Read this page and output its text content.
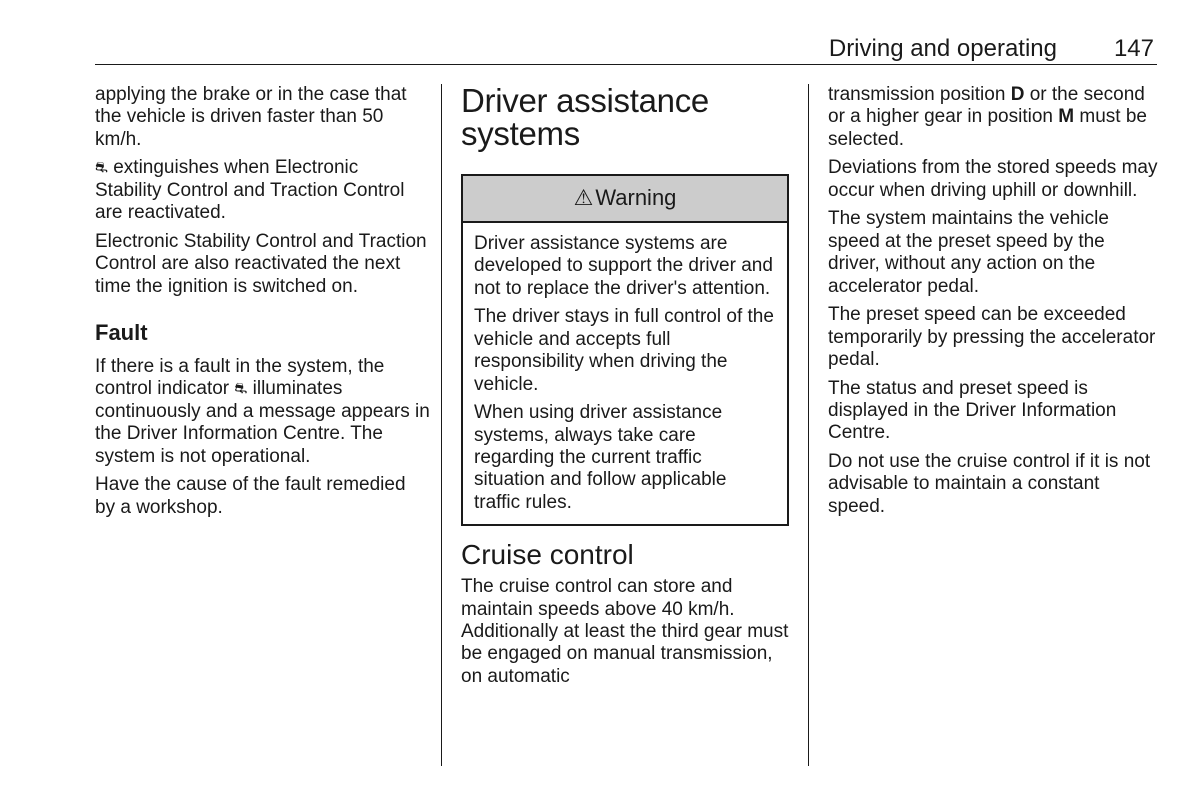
Driving and operating 147

applying the brake or in the case that the vehicle is driven faster than 50 km/h.

⛐ extinguishes when Electronic Stability Control and Traction Control are reactivated.

Electronic Stability Control and Traction Control are also reactivated the next time the ignition is switched on.

Fault

If there is a fault in the system, the control indicator ⛐ illuminates continuously and a message appears in the Driver Information Centre. The system is not operational.

Have the cause of the fault remedied by a workshop.

Driver assistance
systems
⚠ Warning

Driver assistance systems are developed to support the driver and not to replace the driver's attention.

The driver stays in full control of the vehicle and accepts full responsibility when driving the vehicle.

When using driver assistance systems, always take care regarding the current traffic situation and follow applicable traffic rules.

Cruise control

The cruise control can store and maintain speeds above 40 km/h. Additionally at least the third gear must be engaged on manual transmission, on automatic

transmission position D or the second or a higher gear in position M must be selected.

Deviations from the stored speeds may occur when driving uphill or downhill.

The system maintains the vehicle speed at the preset speed by the driver, without any action on the accelerator pedal.

The preset speed can be exceeded temporarily by pressing the accelerator pedal.

The status and preset speed is displayed in the Driver Information Centre.

Do not use the cruise control if it is not advisable to maintain a constant speed.
